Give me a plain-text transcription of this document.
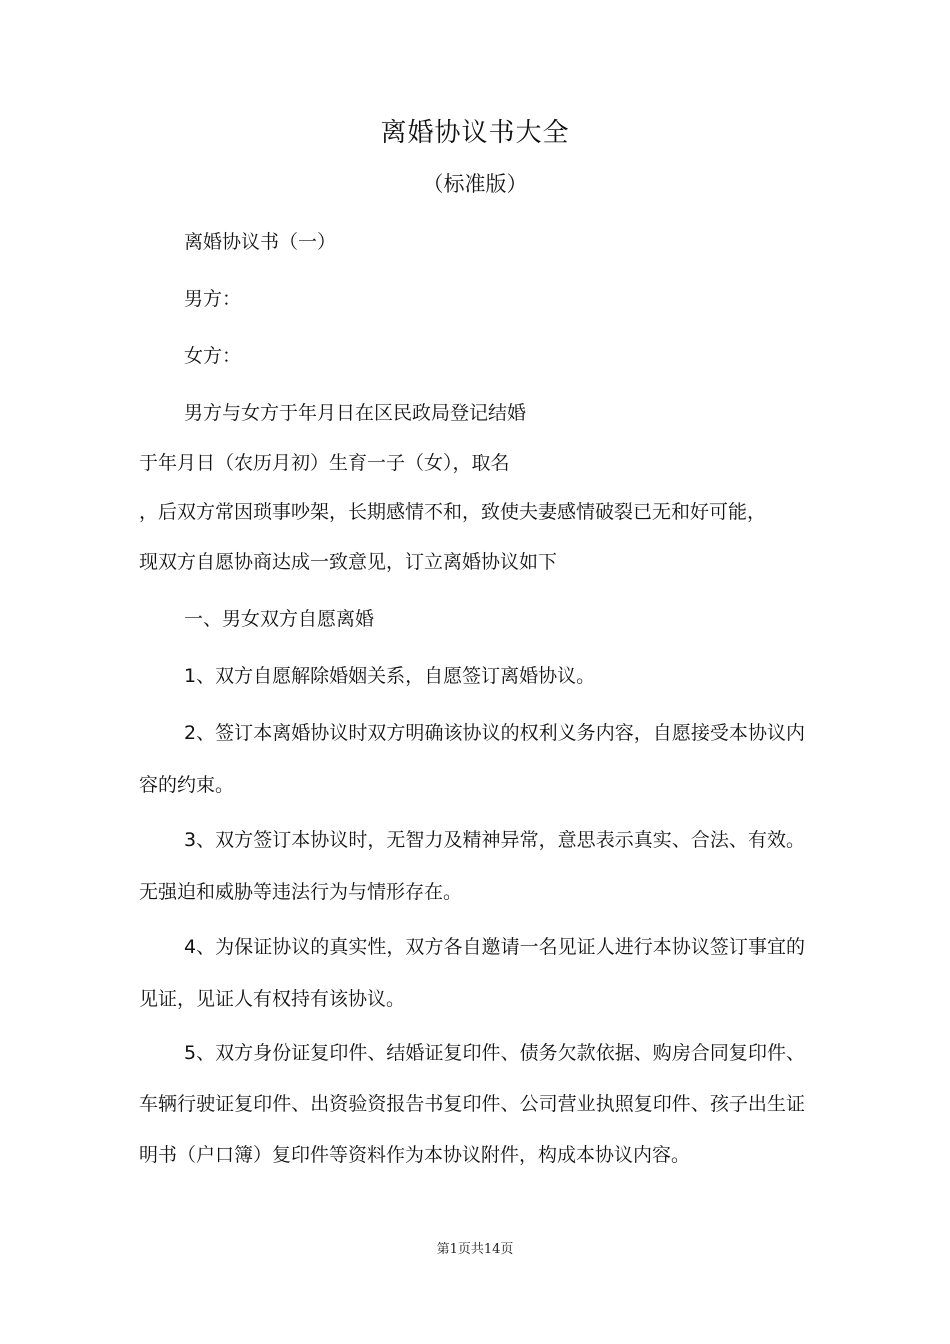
离婚协议书大全
（标准版）

离婚协议书（一）

男方：

女方：

男方与女方于年月日在区民政局登记结婚

于年月日（农历月初）生育一子（女），取名

，后双方常因琐事吵架，长期感情不和，致使夫妻感情破裂已无和好可能，

现双方自愿协商达成一致意见，订立离婚协议如下

一、男女双方自愿离婚

1、双方自愿解除婚姻关系，自愿签订离婚协议。

2、签订本离婚协议时双方明确该协议的权利义务内容，自愿接受本协议内容的约束。

3、双方签订本协议时，无智力及精神异常，意思表示真实、合法、有效。无强迫和威胁等违法行为与情形存在。

4、为保证协议的真实性，双方各自邀请一名见证人进行本协议签订事宜的见证，见证人有权持有该协议。

5、双方身份证复印件、结婚证复印件、债务欠款依据、购房合同复印件、车辆行驶证复印件、出资验资报告书复印件、公司营业执照复印件、孩子出生证明书（户口簿）复印件等资料作为本协议附件，构成本协议内容。

第1页共14页
